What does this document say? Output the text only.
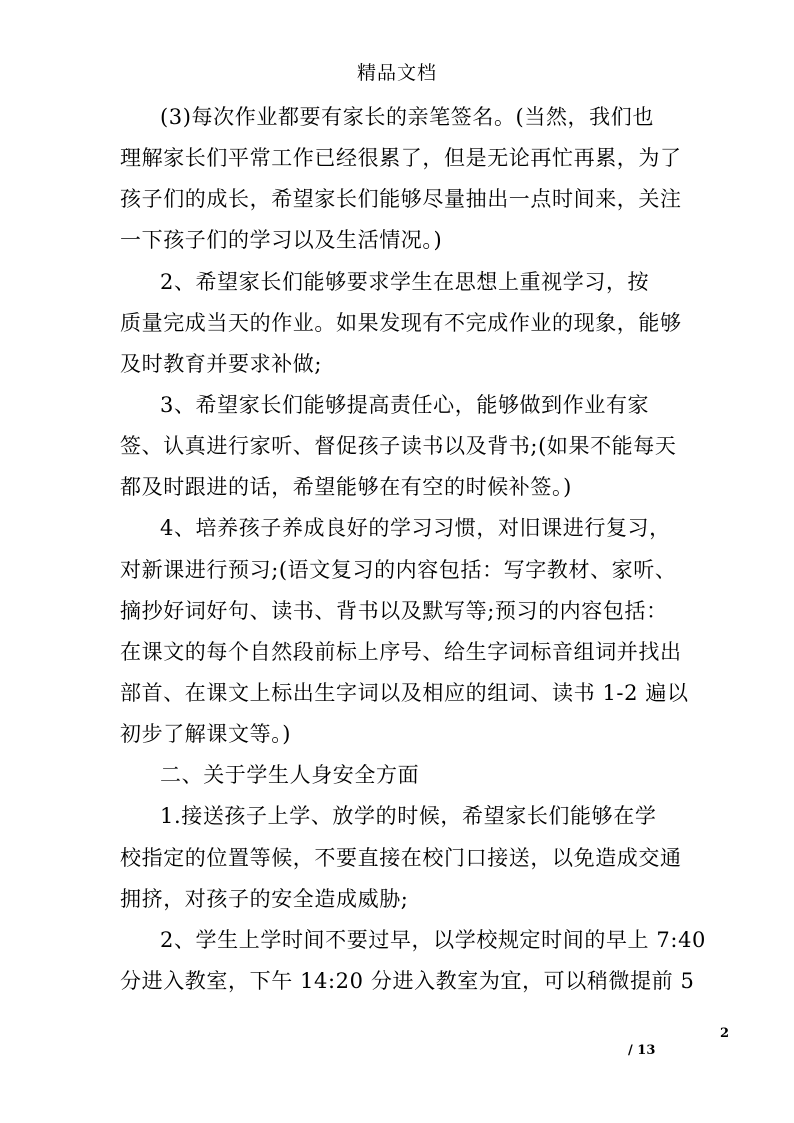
精品文档
(3)每次作业都要有家长的亲笔签名。(当然，我们也
理解家长们平常工作已经很累了，但是无论再忙再累，为了
孩子们的成长，希望家长们能够尽量抽出一点时间来，关注
一下孩子们的学习以及生活情况。)
2、希望家长们能够要求学生在思想上重视学习，按
质量完成当天的作业。如果发现有不完成作业的现象，能够
及时教育并要求补做;
3、希望家长们能够提高责任心，能够做到作业有家
签、认真进行家听、督促孩子读书以及背书;(如果不能每天
都及时跟进的话，希望能够在有空的时候补签。)
4、培养孩子养成良好的学习习惯，对旧课进行复习，
对新课进行预习;(语文复习的内容包括：写字教材、家听、
摘抄好词好句、读书、背书以及默写等;预习的内容包括：
在课文的每个自然段前标上序号、给生字词标音组词并找出
部首、在课文上标出生字词以及相应的组词、读书 1-2 遍以
初步了解课文等。)
二、关于学生人身安全方面
1.接送孩子上学、放学的时候，希望家长们能够在学
校指定的位置等候，不要直接在校门口接送，以免造成交通
拥挤，对孩子的安全造成威胁;
2、学生上学时间不要过早，以学校规定时间的早上 7:40
分进入教室，下午 14:20 分进入教室为宜，可以稍微提前 5
2
/ 13
